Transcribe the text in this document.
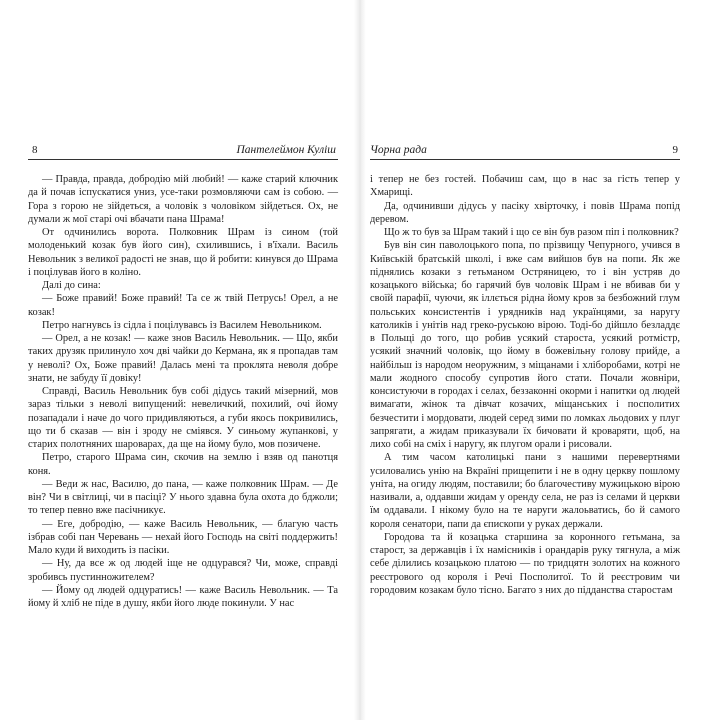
8	Пантелеймон Куліш

— Правда, правда, добродію мій любий! — каже старий ключник да й почав іспускатися униз, усе-таки розмовляючи сам із собою. — Гора з горою не зійдеться, а чоловік з чоловіком зійдеться. Ох, не думали ж мої старі очі вбачати пана Шрама!

От одчинились ворота. Полковник Шрам із сином (той молоденький козак був його син), схилившись, і в'їхали. Василь Невольник з великої радості не знав, що й робити: кинувся до Шрама і поцілував його в коліно.

Далі до сина:

— Боже правий! Боже правий! Та се ж твій Петрусь! Орел, а не козак!

Петро нагнувсь із сідла і поцілувавсь із Василем Невольником.

— Орел, а не козак! — каже знов Василь Невольник. — Що, якби таких друзяк прилинуло хоч дві чайки до Кермана, як я пропадав там у неволі? Ох, Боже правий! Далась мені та проклята неволя добре знати, не забуду її довіку!

Справді, Василь Невольник був собі дідусь такий мізерний, мов зараз тільки з неволі випущений: невеличкий, похилий, очі йому позападали і наче до чого придивляються, а губи якось покривились, що ти б сказав — він і зроду не сміявся. У синьому жупанкові, у старих полотняних шароварах, да ще на йому було, мов позичене.

Петро, старого Шрама син, скочив на землю і взяв од панотця коня.

— Веди ж нас, Василю, до пана, — каже полковник Шрам. — Де він? Чи в світлиці, чи в пасіці? У нього здавна була охота до бджоли; то тепер певно вже пасічникує.

— Еге, добродію, — каже Василь Невольник, — благую часть ізбрав собі пан Черевань — нехай його Господь на світі поддержить! Мало куди й виходить із пасіки.

— Ну, да все ж од людей іще не одцурався? Чи, може, справді зробивсь пустинножителем?

— Йому од людей одцуратись! — каже Василь Невольник. — Та йому й хліб не піде в душу, якби його люде покинули. У нас

Чорна рада	9

і тепер не без гостей. Побачиш сам, що в нас за гість тепер у Хмарищі.

Да, одчинивши дідусь у пасіку хвірточку, і повів Шрама попід деревом.

Що ж то був за Шрам такий і що се він був разом піп і полковник?

Був він син паволоцького попа, по прізвищу Чепурного, учився в Київській братській школі, і вже сам вийшов був на попи. Як же піднялись козаки з гетьманом Остряницею, то і він устряв до козацького війська; бо гарячий був чоловік Шрам і не вбивав би у своїй парафії, чуючи, як іллється рідна йому кров за безбожний глум польських консистентів і урядників над українцями, за наругу католиків і унітів над греко-руською вірою. Тоді-бо дійшло безладдє в Польщі до того, що робив усякий староста, усякий ротмістр, усякий значний чоловік, що йому в божевільну голову прийде, а найбільш із народом неоружним, з міщанами і хліборобами, котрі не мали жодного способу супротив його стати. Почали жовніри, консистуючи в городах і селах, беззаконні окорми і напитки од людей вимагати, жінок та дівчат козачих, міщанських і посполитих безчестити і мордовати, людей серед зими по ломках льодових у плуг запрягати, а жидам приказували їх бичовати й кроваряти, щоб, на лихо собі на сміх і наругу, як плугом орали і рисовали.

А тим часом католицькі пани з нашими перевертнями усиловались унію на Вкраїні прищепити і не в одну церкву пошлому уніта, на огиду людям, поставили; бо благочестиву мужицькою вірою називали, а, оддавши жидам у оренду села, не раз із селами й церкви їм оддавали. І нікому було на те наруги жалоьватись, бо й самого короля сенатори, папи да єпископи у руках держали.

Городова та й козацька старшина за коронного гетьмана, за старост, за державців і їх намісників і орандарів руку тягнула, а між себе ділились козацькою платою — по тридцятн золотих на кожного реєстрового од короля і Речі Посполитої. То й реєстровим чи городовим козакам було тісно. Багато з них до підданства старостам
